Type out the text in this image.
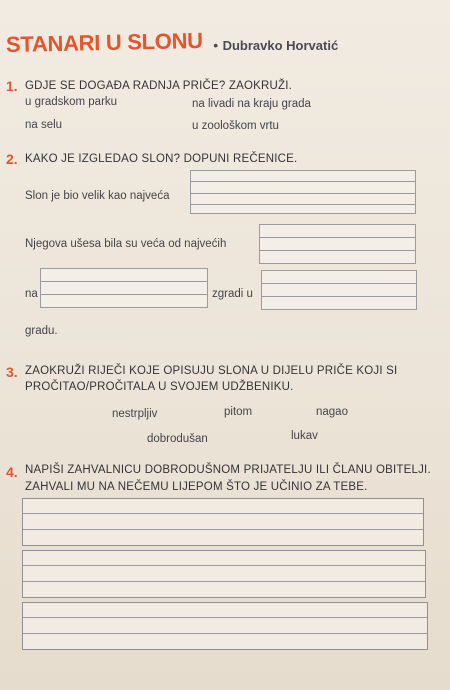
STANARI U SLONU • Dubravko Horvatić
1. GDJE SE DOGAĐA RADNJA PRIČE? ZAOKRUŽI.
u gradskom parku	na livadi na kraju grada
na selu	u zoološkom vrtu
2. KAKO JE IZGLEDAO SLON? DOPUNI REČENICE.
Slon je bio velik kao najveća
Njegova ušesa bila su veća od najvećih
na	zgradi u
gradu.
3. ZAOKRUŽI RIJEČI KOJE OPISUJU SLONA U DIJELU PRIČE KOJI SI
PROČITAO/PROČITALA U SVOJEM UDŽBENIKU.
nestrpljiv	pitom	nagao
dobrodušan	lukav
4. NAPIŠI ZAHVALNICU DOBRODUŠNOM PRIJATELJU ILI ČLANU OBITELJI.
ZAHVALI MU NA NEČEMU LIJEPOM ŠTO JE UČINIO ZA TEBE.
